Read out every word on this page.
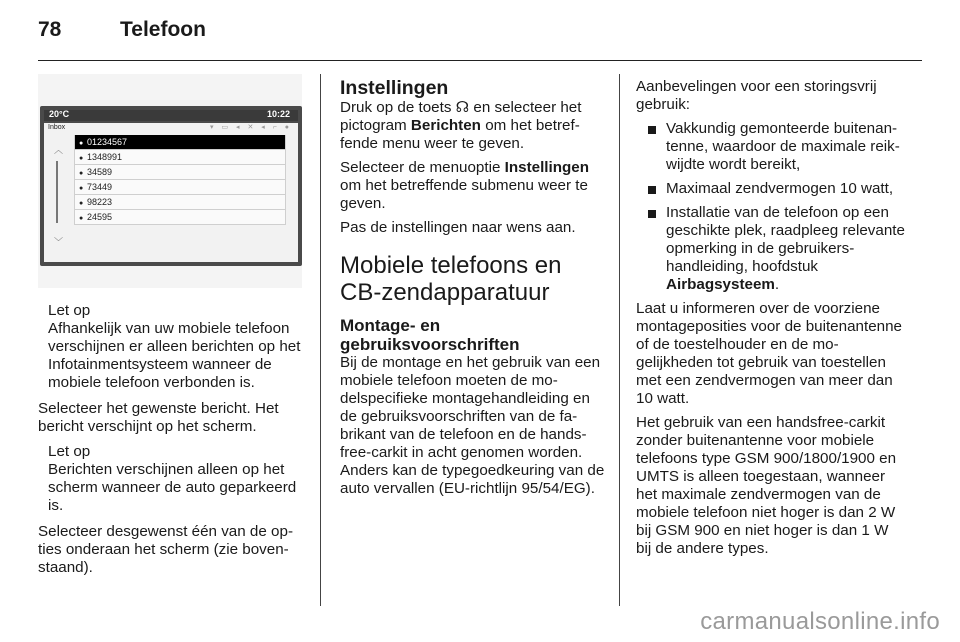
78	Telefoon
20°C	10:22
Inbox	▾ ▭ ◂ ✕ ◂ ⌐ ●
︿
﹀
● 01234567
● 1348991
● 34589
● 73449
● 98223
● 24595

Let op

Afhankelijk van uw mobiele telefoon verschijnen er alleen berichten op het Infotainmentsysteem wanneer de mobiele telefoon verbonden is.

Selecteer het gewenste bericht. Het bericht verschijnt op het scherm.

Let op

Berichten verschijnen alleen op het scherm wanneer de auto geparkeerd is.

Selecteer desgewenst één van de opties onderaan het scherm (zie bovenstaand).

Instellingen

Druk op de toets ☊ en selecteer het pictogram Berichten om het betreffende menu weer te geven.

Selecteer de menuoptie Instellingen om het betreffende submenu weer te geven.

Pas de instellingen naar wens aan.

Mobiele telefoons en CB-zendapparatuur
Montage- en gebruiksvoorschriften

Bij de montage en het gebruik van een mobiele telefoon moeten de modelspecifieke montagehandleiding en de gebruiksvoorschriften van de fabrikant van de telefoon en de hands-free-carkit in acht genomen worden. Anders kan de typegoedkeuring van de auto vervallen (EU-richtlijn 95/54/EG).

Aanbevelingen voor een storingsvrij gebruik:

Vakkundig gemonteerde buitenantenne, waardoor de maximale reikwijdte wordt bereikt,
Maximaal zendvermogen 10 watt,
Installatie van de telefoon op een geschikte plek, raadpleeg relevante opmerking in de gebruikershandleiding, hoofdstuk Airbagsysteem.

Laat u informeren over de voorziene montageposities voor de buitenantenne of de toestelhouder en de mogelijkheden tot gebruik van toestellen met een zendvermogen van meer dan 10 watt.

Het gebruik van een handsfree-carkit zonder buitenantenne voor mobiele telefoons type GSM 900/1800/1900 en UMTS is alleen toegestaan, wanneer het maximale zendvermogen van de mobiele telefoon niet hoger is dan 2 W bij GSM 900 en niet hoger is dan 1 W bij de andere types.

carmanualsonline.info
